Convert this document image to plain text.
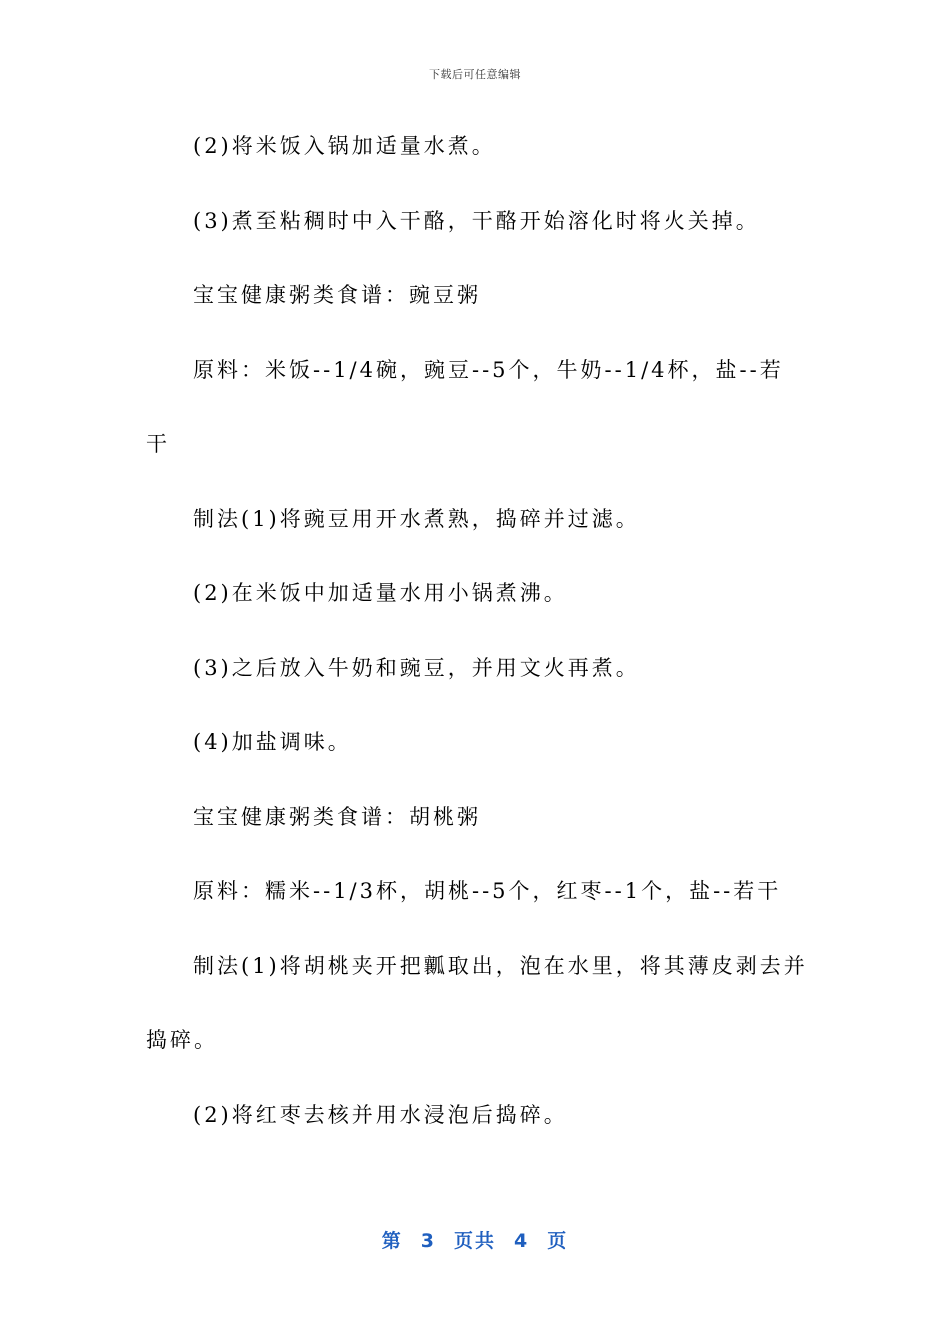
下载后可任意编辑
(2)将米饭入锅加适量水煮。
(3)煮至粘稠时中入干酪，干酪开始溶化时将火关掉。
宝宝健康粥类食谱：豌豆粥
原料：米饭--1/4碗，豌豆--5个，牛奶--1/4杯，盐--若
干
制法(1)将豌豆用开水煮熟，捣碎并过滤。
(2)在米饭中加适量水用小锅煮沸。
(3)之后放入牛奶和豌豆，并用文火再煮。
(4)加盐调味。
宝宝健康粥类食谱：胡桃粥
原料：糯米--1/3杯，胡桃--5个，红枣--1个，盐--若干
制法(1)将胡桃夹开把瓤取出，泡在水里，将其薄皮剥去并
捣碎。
(2)将红枣去核并用水浸泡后捣碎。
第 3 页共 4 页
